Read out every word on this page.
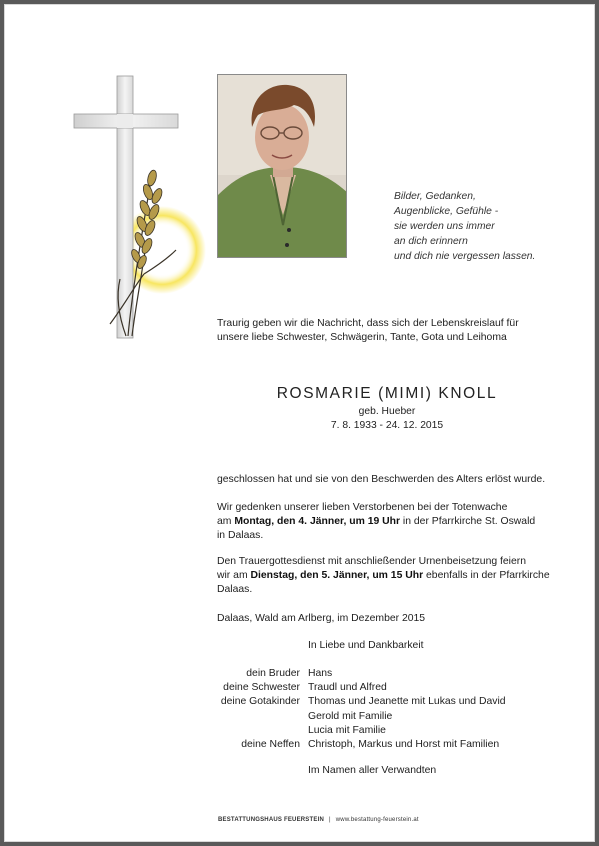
Bilder, Gedanken,
Augenblicke, Gefühle -
sie werden uns immer
an dich erinnern
und dich nie vergessen lassen.
Traurig geben wir die Nachricht, dass sich der Lebenskreislauf für
unsere liebe Schwester, Schwägerin, Tante, Gota und Leihoma
ROSMARIE (MIMI) KNOLL
geb. Hueber
7. 8. 1933 - 24. 12. 2015
geschlossen hat und sie von den Beschwerden des Alters erlöst wurde.
Wir gedenken unserer lieben Verstorbenen bei der Totenwache
am Montag, den 4. Jänner, um 19 Uhr in der Pfarrkirche St. Oswald
in Dalaas.
Den Trauergottesdienst mit anschließender Urnenbeisetzung feiern
wir am Dienstag, den 5. Jänner, um 15 Uhr ebenfalls in der Pfarrkirche
Dalaas.
Dalaas, Wald am Arlberg, im Dezember 2015
In Liebe und Dankbarkeit
dein Bruder Hans
deine Schwester Traudl und Alfred
deine Gotakinder Thomas und Jeanette mit Lukas und David
Gerold mit Familie
Lucia mit Familie
deine Neffen Christoph, Markus und Horst mit Familien
Im Namen aller Verwandten
BESTATTUNGSHAUS FEUERSTEIN | www.bestattung-feuerstein.at
